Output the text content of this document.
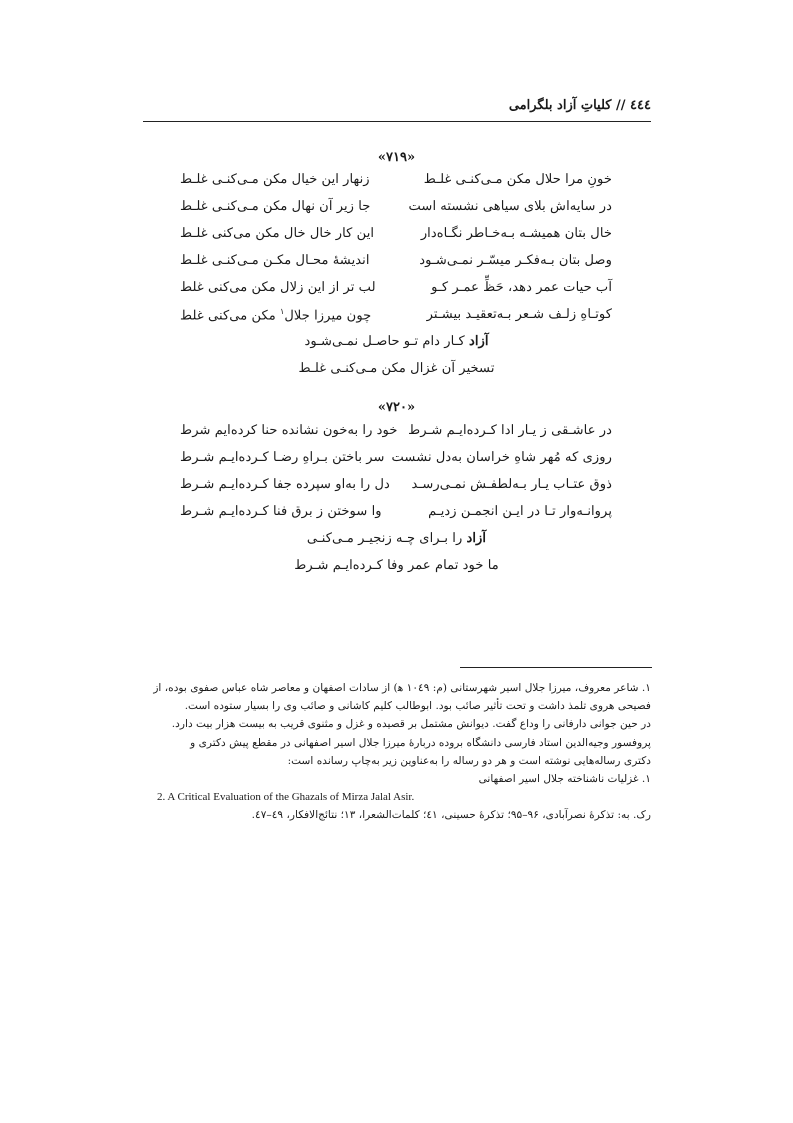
٤٤٤ // کلیاتِ آزاد بلگرامی
«۷۱۹»
خونِ مرا حلال مکن مـی‌کنـی غلـط
زنهار این خیال مکن مـی‌کنـی غلـط
در سایه‌اش بلای سیاهی نشسته است
جا زیر آن نهال مکن مـی‌کنـی غلـط
خال بتان همیشـه بـه‌خـاطر نگـاه‌دار
این کار خال خال مکن می‌کنی غلـط
وصل بتان بـه‌فکـر میسّـر نمـی‌شـود
اندیشهٔ محـال مکـن مـی‌کنـی غلـط
آب حیات عمر دهد، حَظِّ عمـر کـو
لب تر از این زلال مکن می‌کنی غلط
کوتـاهِ زلـف شـعر بـه‌تعقیـد بیشـتر
چون میرزا جلال$^۱$ مکن می‌کنی غلط
آزاد کـار دام تـو حاصـل نمـی‌شـود
تسخیر آن غزال مکن مـی‌کنـی غلـط
«۷۲۰»
در عاشـقی ز یـار ادا کـرده‌ایـم شـرط
خود را به‌خون نشانده حنا کرده‌ایم شرط
روزی که مُهر شاهِ خراسان به‌دل نشست
سر باختن بـراهِ رضـا کـرده‌ایـم شـرط
ذوق عتـاب یـار بـه‌لطفـش نمـی‌رسـد
دل را به‌او سپرده جفا کـرده‌ایـم شـرط
پروانـه‌وار تـا در ایـن انجمـن زدیـم
وا سوختن ز برق فنا کـرده‌ایـم شـرط
آزاد را بـرای چـه زنجیـر مـی‌کنـی
ما خود تمام عمر وفا کـرده‌ایـم شـرط
۱. شاعر معروف، میرزا جلال اسیر شهرستانی (م: ۱۰٤۹ ﻫ) از سادات اصفهان و معاصر شاه عباس صفوی بوده، از
فصیحی هروی تلمذ داشت و تحت تأثیر صائب بود. ابوطالب کلیم کاشانی و صائب وی را بسیار ستوده است.
در حین جوانی دارفانی را وداع گفت. دیوانش مشتمل بر قصیده و غزل و مثنوی قریب به بیست هزار بیت دارد.
پروفسور وجیه‌الدین استاد فارسی دانشگاه برودە دربارهٔ میرزا جلال اسیر اصفهانی در مقطع پیش دکتری و
دکتری رساله‌هایی نوشته است و هر دو رساله را به‌عناوین زیر به‌چاپ رسانده است:
۱. غزلیات ناشناخته جلال اسیر اصفهانی
2. A Critical Evaluation of the Ghazals of Mirza Jalal Asir.
رک. به: تذکرهٔ نصرآبادی، ۹۶–۹۵؛ تذکرهٔ حسینی، ٤۱؛ کلمات‌الشعرا، ۱۳؛ نتائج‌الافکار، ٤۹–٤۷.
